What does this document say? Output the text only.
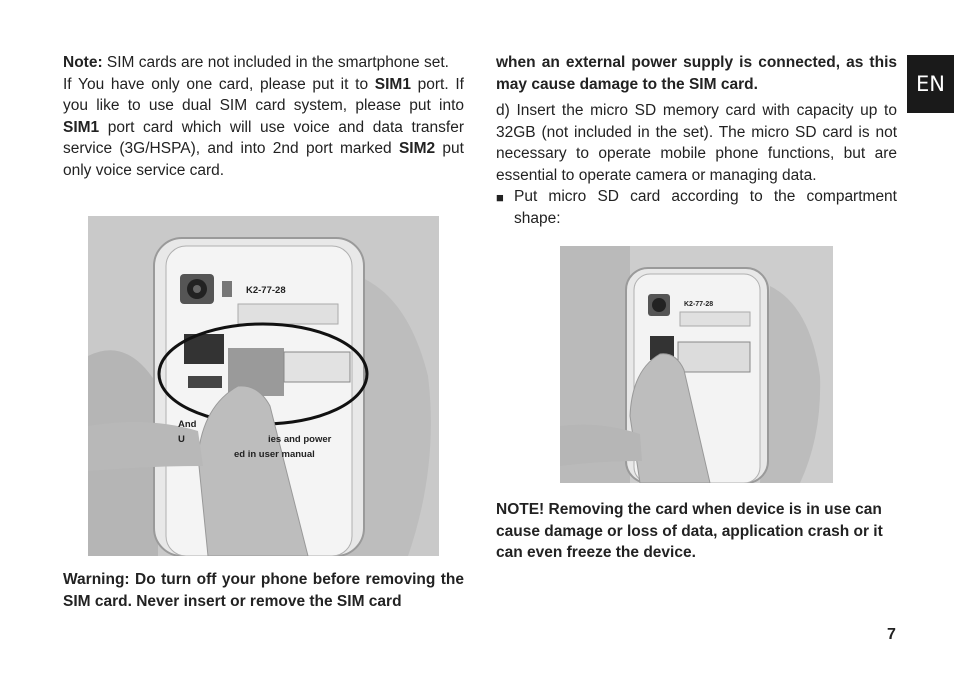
EN

Note: SIM cards are not included in the smartphone set.

If You have only one card, please put it to SIM1 port. If you like to use dual SIM card system, please put into SIM1 port card which will use voice and data transfer service (3G/HSPA), and into 2nd port marked SIM2 put only voice service card.

K2-77-28
And
U	ies and power
ed in user manual
Warning: Do turn off your phone before removing the SIM card. Never insert or remove the SIM card

when an external power supply is connected, as this may cause damage to the SIM card.

d) Insert the micro SD memory card with capacity up to 32GB (not included in the set). The micro SD card is not necessary to operate mobile phone functions, but are essential to operate camera or managing data.

■ Put micro SD card according to the compartment shape:

K2-77-28
NOTE! Removing the card when device is in use can cause damage or loss of data, application crash or it can even freeze the device.
7
